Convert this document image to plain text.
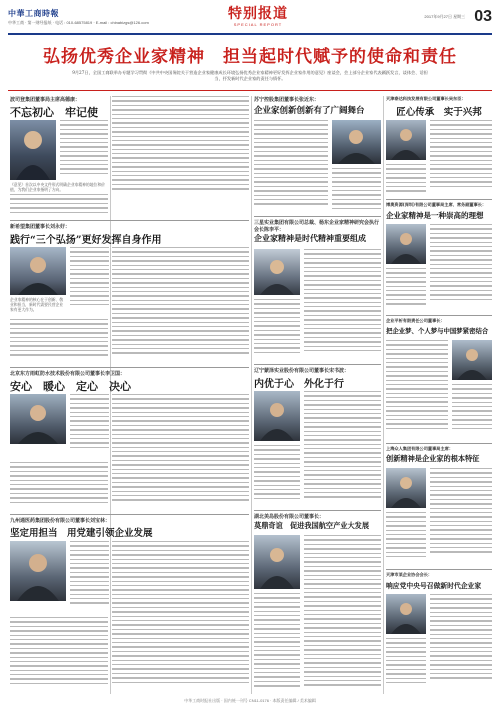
中華工商時報
中华工商 · 第一财经报纸 · 电话 : 010-68575819 · E-mail : chinabizgs@126.com
特别报道
SPECIAL REPORT
2017年9月27日 星期三 03
弘扬优秀企业家精神　担当起时代赋予的使命和责任
9月27日，全国工商联举办专题学习贯彻《中共中央国务院关于营造企业家健康成长环境弘扬优秀企业家精神更好发挥企业家作用的意见》座谈会，会上部分企业家代表踊跃发言，谈体会、话担当，抒发新时代企业家的责任与情怀。
波司登集团董事局主席高德康：
不忘初心　牢记使
《意见》首次以中央文件形式明确企业家精神的地位和价值，为我们企业家指明了方向。
新希望集团董事长刘永好：
践行“三个弘扬”更好发挥自身作用
企业家精神的核心在于创新、敬业和担当，新时代需要民营企业家有更大作为。
北京东方雨虹防水技术股份有限公司董事长李卫国：
安心　暖心　定心　决心
九州通医药集团股份有限公司董事长刘宝林：
坚定用担当　用党建引领企业发展
苏宁控股集团董事长张近东：
企业家创新创新有了广阔舞台
三星实业集团有限公司总裁、杨东企业家精神研究会执行会长陈李平：
企业家精神是时代精神重要组成
辽宁蒙泽实业股份有限公司董事长宋书波：
内优于心　外化于行
湖北美岛股份有限公司董事长：
莫鼎奇谊　促进我国航空产业大发展
天津泰达科技发展有限公司董事长吴东臣：
匠心传承　实于兴邦
博奥资源(深圳)有限公司董事局主席、常务副董事长：
企业家精神是一种崇高的理想
企业平析有限责任公司董事长：
把企业梦、个人梦与中国梦紧密结合
上海众人集团有限公司董事局主席：
创新精神是企业家的根本特征
天津市某企业协会会长：
响应党中央号召做新时代企业家
中华工商时报社出版 · 国内统一刊号 CN11-0176 · 本版责任编辑 / 美术编辑
